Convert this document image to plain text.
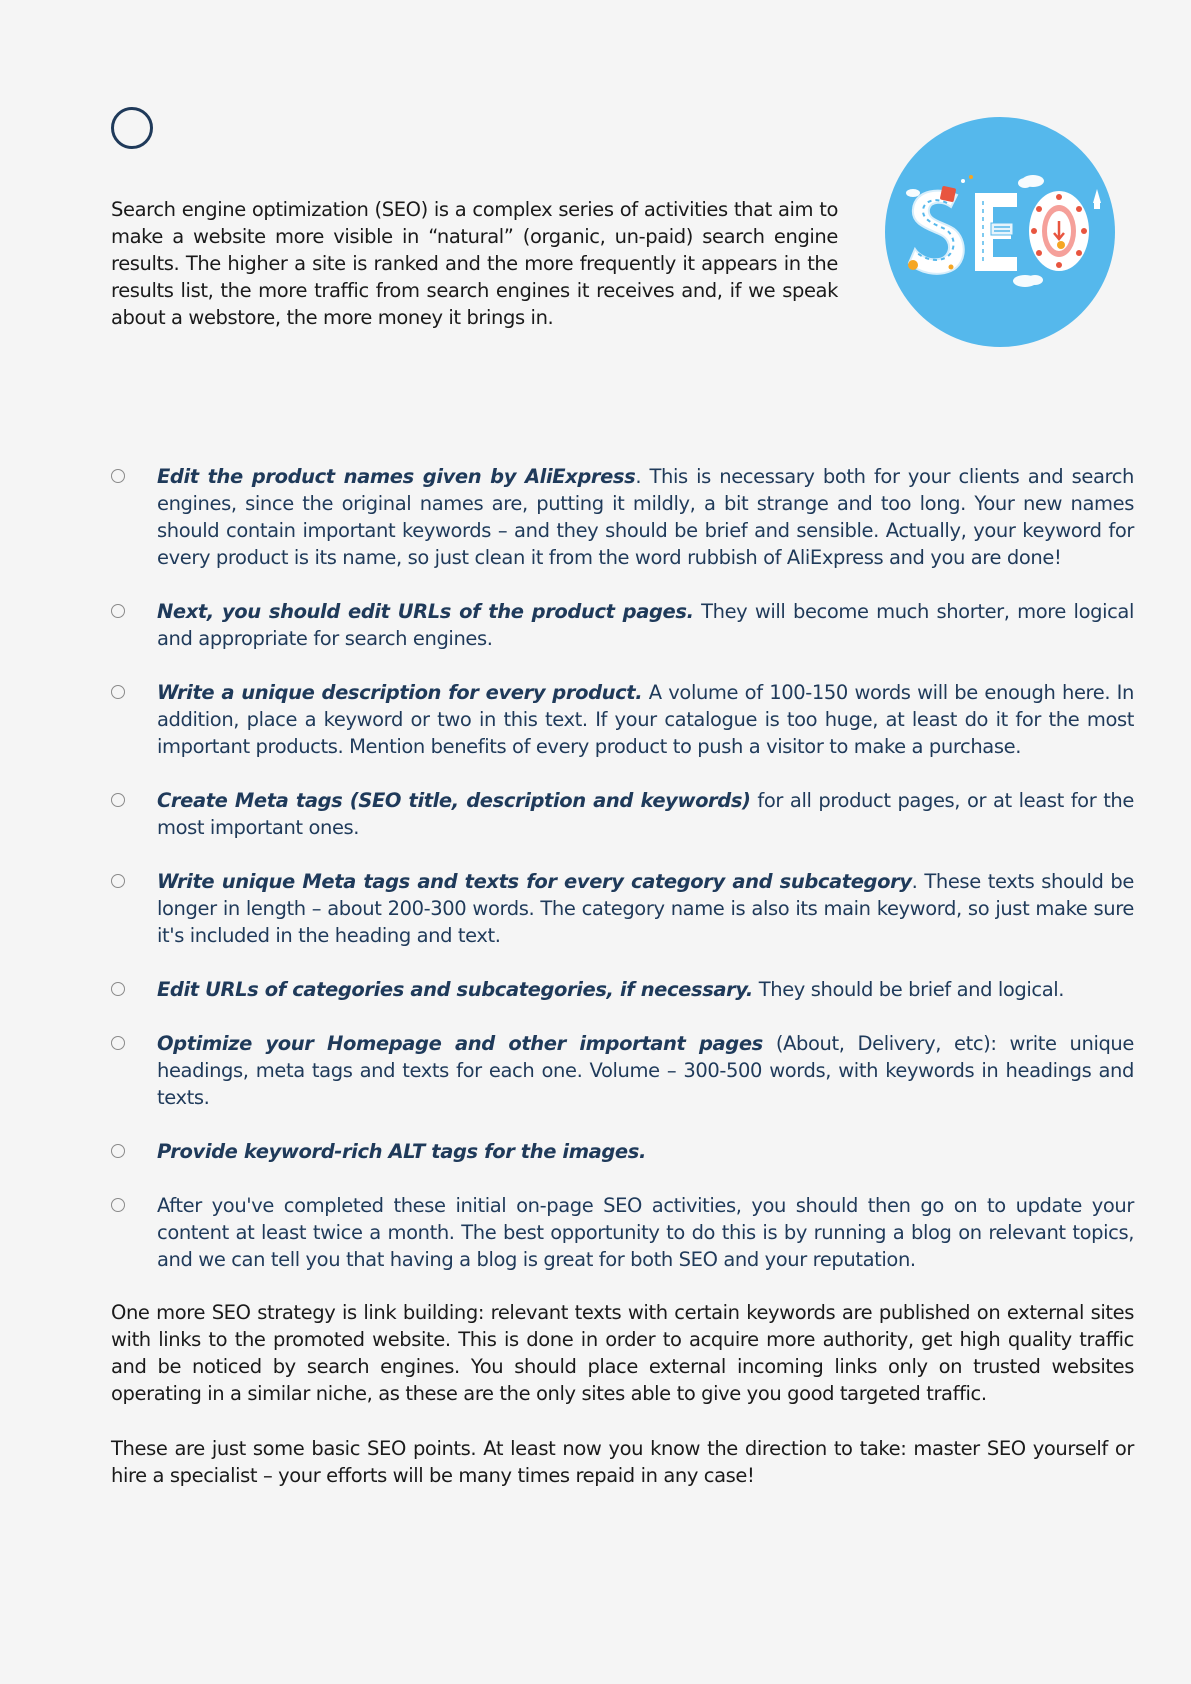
Search engine optimization (SEO) is a complex series of activities that aim to make a website more visible in “natural” (organic, un-paid) search engine results. The higher a site is ranked and the more frequently it appears in the results list, the more traffic from search engines it receives and, if we speak about a webstore, the more money it brings in.

Edit the product names given by AliExpress. This is necessary both for your clients and search engines, since the original names are, putting it mildly, a bit strange and too long. Your new names should contain important keywords – and they should be brief and sensible. Actually, your keyword for every product is its name, so just clean it from the word rubbish of AliExpress and you are done!
Next, you should edit URLs of the product pages. They will become much shorter, more logical and appropriate for search engines.
Write a unique description for every product. A volume of 100-150 words will be enough here. In addition, place a keyword or two in this text. If your catalogue is too huge, at least do it for the most important products. Mention benefits of every product to push a visitor to make a purchase.
Create Meta tags (SEO title, description and keywords) for all product pages, or at least for the most important ones.
Write unique Meta tags and texts for every category and subcategory. These texts should be longer in length – about 200-300 words. The category name is also its main keyword, so just make sure it's included in the heading and text.
Edit URLs of categories and subcategories, if necessary. They should be brief and logical.
Optimize your Homepage and other important pages (About, Delivery, etc): write unique headings, meta tags and texts for each one. Volume – 300-500 words, with keywords in headings and texts.
Provide keyword-rich ALT tags for the images.
After you've completed these initial on-page SEO activities, you should then go on to update your content at least twice a month. The best opportunity to do this is by running a blog on relevant topics, and we can tell you that having a blog is great for both SEO and your reputation.

One more SEO strategy is link building: relevant texts with certain keywords are published on external sites with links to the promoted website. This is done in order to acquire more authority, get high quality traffic and be noticed by search engines. You should place external incoming links only on trusted websites operating in a similar niche, as these are the only sites able to give you good targeted traffic.

These are just some basic SEO points. At least now you know the direction to take: master SEO yourself or hire a specialist – your efforts will be many times repaid in any case!
